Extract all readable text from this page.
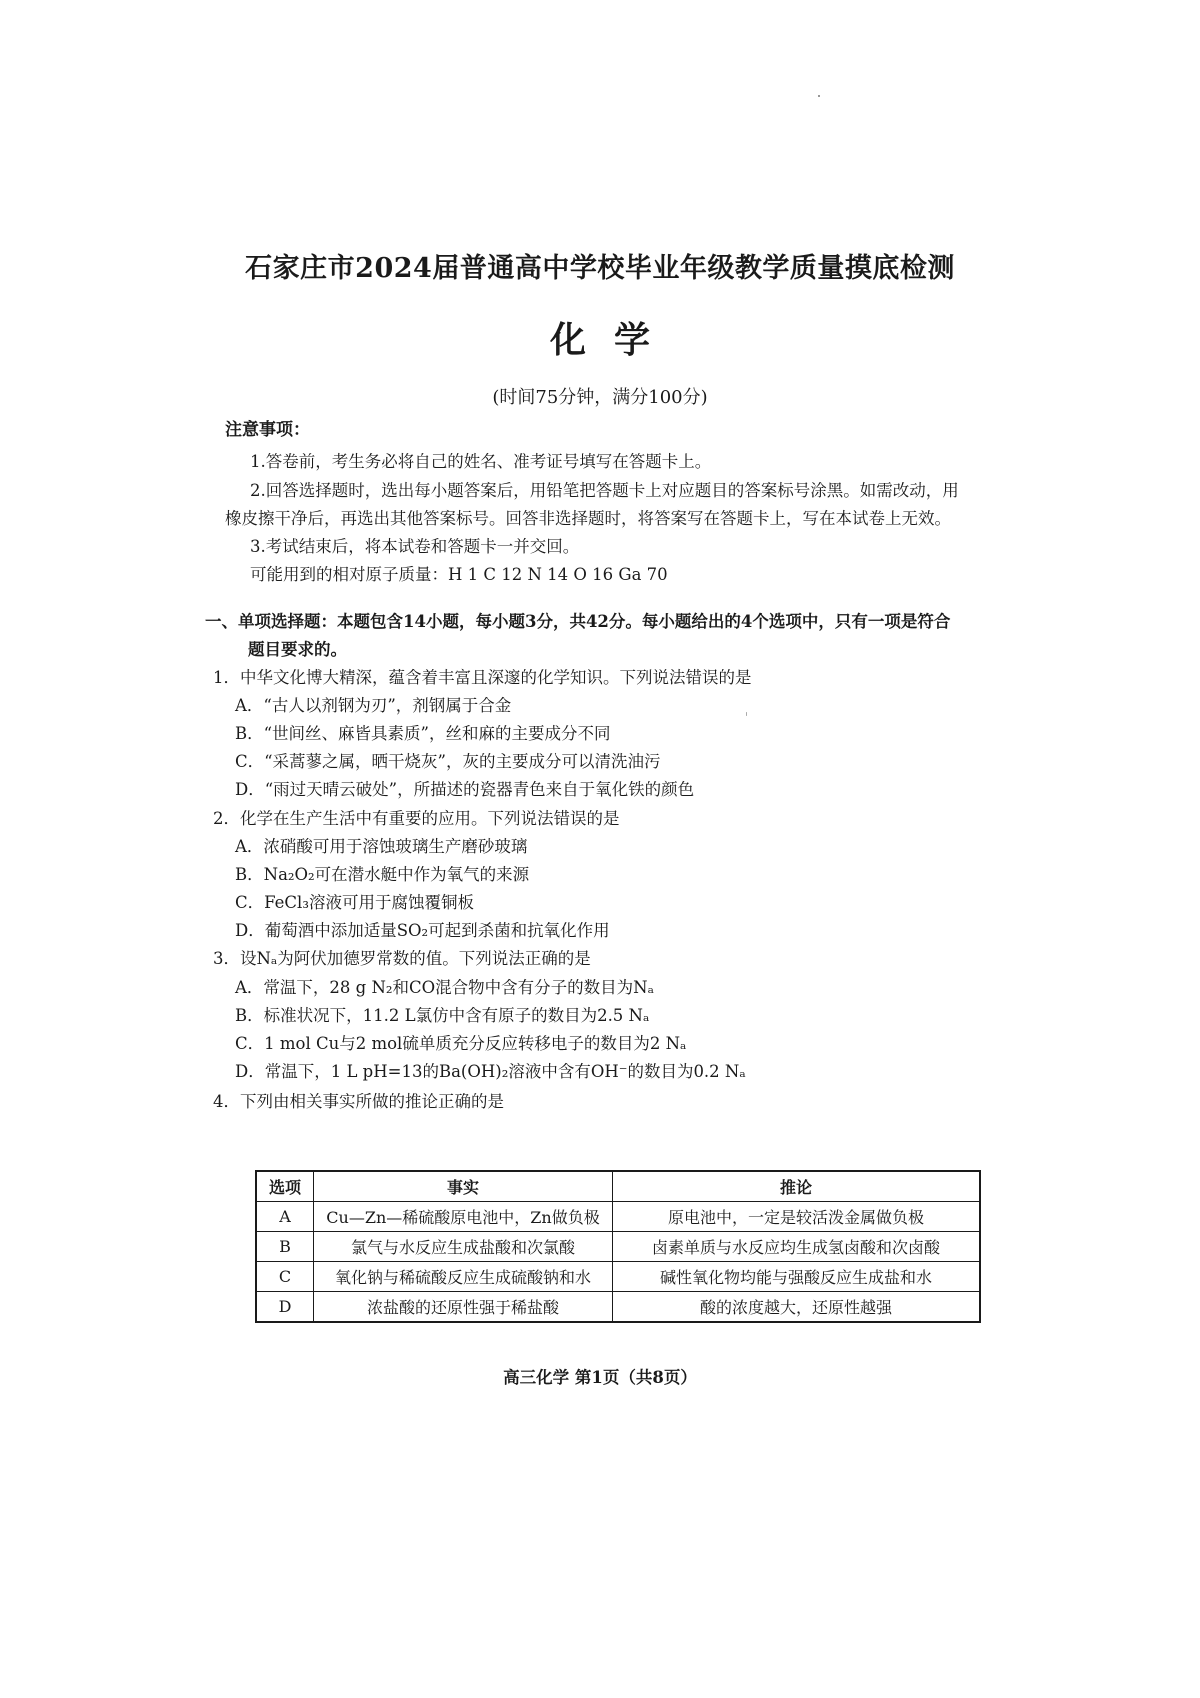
石家庄市2024届普通高中学校毕业年级教学质量摸底检测
化学
(时间75分钟，满分100分)
注意事项：
1.答卷前，考生务必将自己的姓名、准考证号填写在答题卡上。
2.回答选择题时，选出每小题答案后，用铅笔把答题卡上对应题目的答案标号涂黑。如需改动，用
橡皮擦干净后，再选出其他答案标号。回答非选择题时，将答案写在答题卡上，写在本试卷上无效。
3.考试结束后，将本试卷和答题卡一并交回。
可能用到的相对原子质量：H 1 C 12 N 14 O 16 Ga 70
一、单项选择题：本题包含14小题，每小题3分，共42分。每小题给出的4个选项中，只有一项是符合
题目要求的。
1．中华文化博大精深，蕴含着丰富且深邃的化学知识。下列说法错误的是
A．“古人以剂钢为刃”，剂钢属于合金
B．“世间丝、麻皆具素质”，丝和麻的主要成分不同
C．“采蒿蓼之属，晒干烧灰”，灰的主要成分可以清洗油污
D．“雨过天晴云破处”，所描述的瓷器青色来自于氧化铁的颜色
2．化学在生产生活中有重要的应用。下列说法错误的是
A．浓硝酸可用于溶蚀玻璃生产磨砂玻璃
B．Na₂O₂可在潜水艇中作为氧气的来源
C．FeCl₃溶液可用于腐蚀覆铜板
D．葡萄酒中添加适量SO₂可起到杀菌和抗氧化作用
3．设Nₐ为阿伏加德罗常数的值。下列说法正确的是
A．常温下，28 g N₂和CO混合物中含有分子的数目为Nₐ
B．标准状况下，11.2 L氯仿中含有原子的数目为2.5 Nₐ
C．1 mol Cu与2 mol硫单质充分反应转移电子的数目为2 Nₐ
D．常温下，1 L pH=13的Ba(OH)₂溶液中含有OH⁻的数目为0.2 Nₐ
4．下列由相关事实所做的推论正确的是
选项	事实	推论
A	Cu—Zn—稀硫酸原电池中，Zn做负极	原电池中，一定是较活泼金属做负极
B	氯气与水反应生成盐酸和次氯酸	卤素单质与水反应均生成氢卤酸和次卤酸
C	氧化钠与稀硫酸反应生成硫酸钠和水	碱性氧化物均能与强酸反应生成盐和水
D	浓盐酸的还原性强于稀盐酸	酸的浓度越大，还原性越强
高三化学 第1页（共8页）
